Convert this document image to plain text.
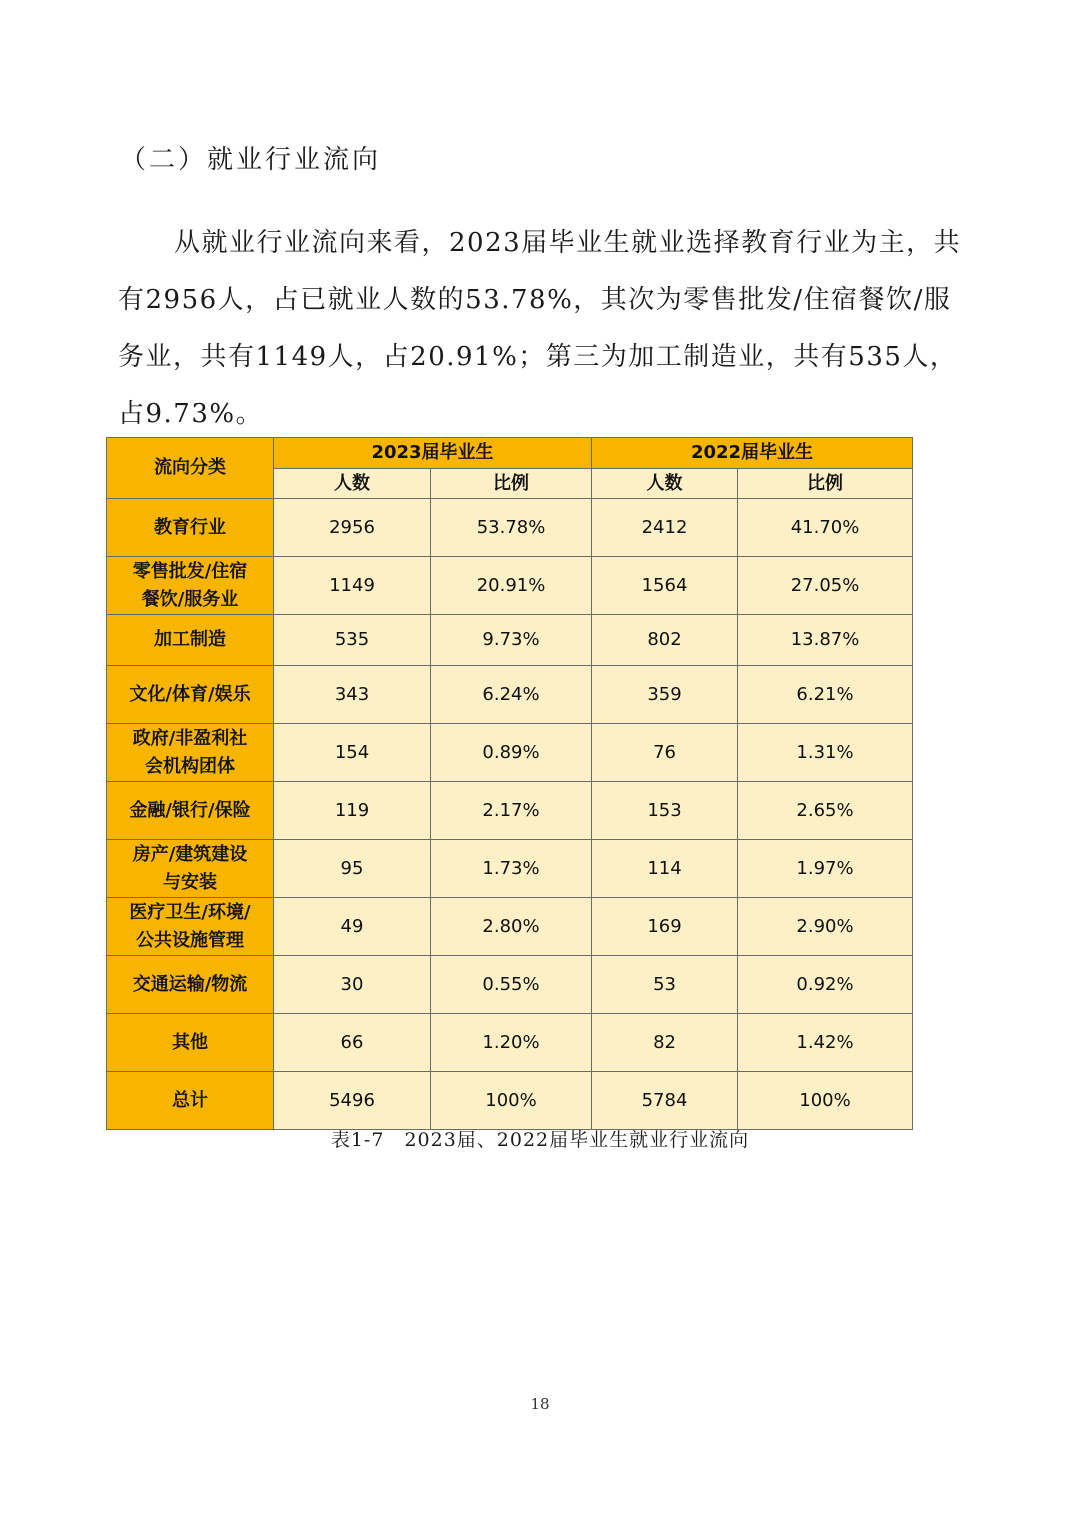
（二）就业行业流向

从就业行业流向来看，2023届毕业生就业选择教育行业为主，共有2956人，占已就业人数的53.78%，其次为零售批发/住宿餐饮/服务业，共有1149人，占20.91%；第三为加工制造业，共有535人，占9.73%。

流向分类	2023届毕业生		2022届毕业生	
	人数	比例	人数	比例
教育行业	2956	53.78%	2412	41.70%
零售批发/住宿
餐饮/服务业	1149	20.91%	1564	27.05%
加工制造	535	9.73%	802	13.87%
文化/体育/娱乐	343	6.24%	359	6.21%
政府/非盈利社
会机构团体	154	0.89%	76	1.31%
金融/银行/保险	119	2.17%	153	2.65%
房产/建筑建设
与安装	95	1.73%	114	1.97%
医疗卫生/环境/
公共设施管理	49	2.80%	169	2.90%
交通运输/物流	30	0.55%	53	0.92%
其他	66	1.20%	82	1.42%
总计	5496	100%	5784	100%
表1-7　2023届、2022届毕业生就业行业流向
18
